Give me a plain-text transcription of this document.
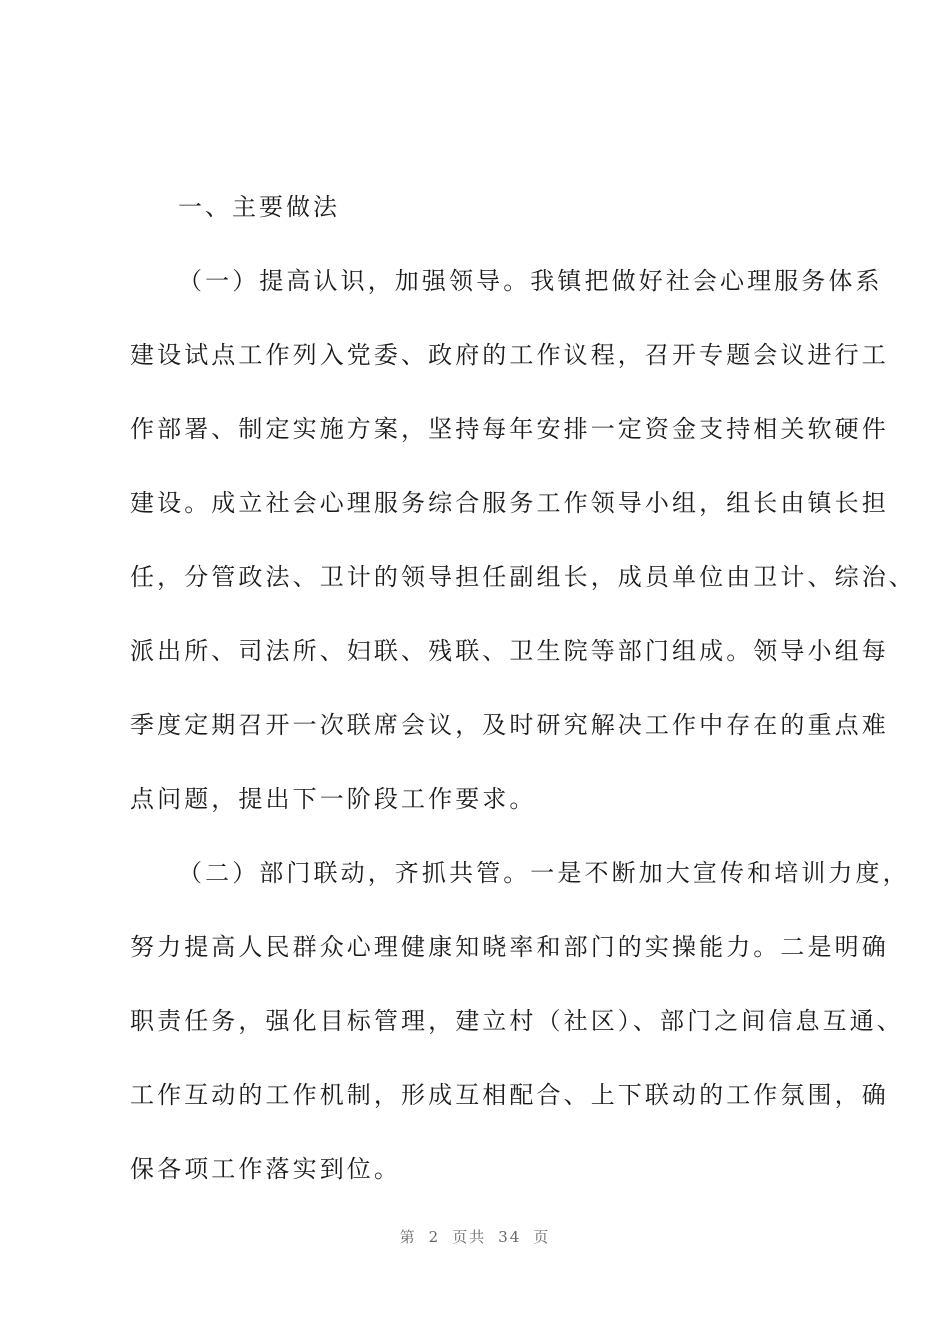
一、主要做法
（一）提高认识，加强领导。我镇把做好社会心理服务体系
建设试点工作列入党委、政府的工作议程，召开专题会议进行工
作部署、制定实施方案，坚持每年安排一定资金支持相关软硬件
建设。成立社会心理服务综合服务工作领导小组，组长由镇长担
任，分管政法、卫计的领导担任副组长，成员单位由卫计、综治、
派出所、司法所、妇联、残联、卫生院等部门组成。领导小组每
季度定期召开一次联席会议，及时研究解决工作中存在的重点难
点问题，提出下一阶段工作要求。
（二）部门联动，齐抓共管。一是不断加大宣传和培训力度，
努力提高人民群众心理健康知晓率和部门的实操能力。二是明确
职责任务，强化目标管理，建立村（社区）、部门之间信息互通、
工作互动的工作机制，形成互相配合、上下联动的工作氛围，确
保各项工作落实到位。
第 2 页共 34 页
